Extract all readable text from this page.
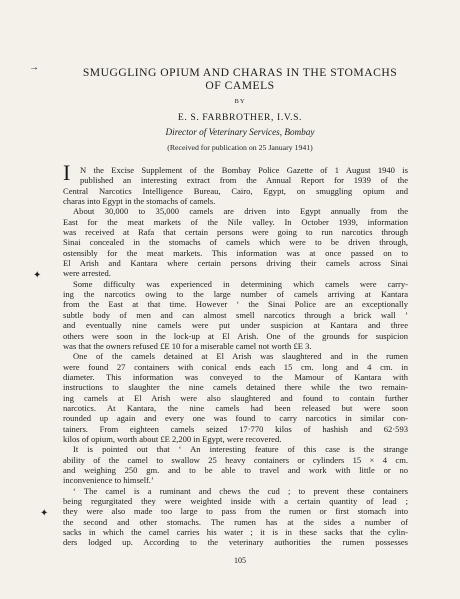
→
✦
✦
SMUGGLING OPIUM AND CHARAS IN THE STOMACHS
OF CAMELS
BY
E. S. FARBROTHER, I.V.S.
Director of Veterinary Services, Bombay
(Received for publication on 25 January 1941)
I N the Excise Supplement of the Bombay Police Gazette of 1 August 1940 is
published an interesting extract from the Annual Report for 1939 of the
Central Narcotics Intelligence Bureau, Cairo, Egypt, on smuggling opium and
charas into Egypt in the stomachs of camels.
About 30,000 to 35,000 camels are driven into Egypt annually from the
East for the meat markets of the Nile valley. In October 1939, information
was received at Rafa that certain persons were going to run narcotics through
Sinai concealed in the stomachs of camels which were to be driven through,
ostensibly for the meat markets. This information was at once passed on to
El Arish and Kantara where certain persons driving their camels across Sinai
were arrested.
Some difficulty was experienced in determining which camels were carry-
ing the narcotics owing to the large number of camels arriving at Kantara
from the East at that time. However ‘ the Sinai Police are an exceptionally
subtle body of men and can almost smell narcotics through a brick wall ’
and eventually nine camels were put under suspicion at Kantara and three
others were soon in the lock-up at El Arish. One of the grounds for suspicion
was that the owners refused £E 10 for a miserable camel not worth £E 3.
One of the camels detained at El Arish was slaughtered and in the rumen
were found 27 containers with conical ends each 15 cm. long and 4 cm. in
diameter. This information was conveyed to the Mamour of Kantara with
instructions to slaughter the nine camels detained there while the two remain-
ing camels at El Arish were also slaughtered and found to contain further
narcotics. At Kantara, the nine camels had been released but were soon
rounded up again and every one was found to carry narcotics in similar con-
tainers. From eighteen camels seized 17·770 kilos of hashish and 62·593
kilos of opium, worth about £E 2,200 in Egypt, were recovered.
It is pointed out that ‘ An interesting feature of this case is the strange
ability of the camel to swallow 25 heavy containers or cylinders 15 × 4 cm.
and weighing 250 gm. and to be able to travel and work with little or no
inconvenience to himself.’
‘ The camel is a ruminant and chews the cud ; to prevent these containers
being regurgitated they were weighted inside with a certain quantity of lead ;
they were also made too large to pass from the rumen or first stomach into
the second and other stomachs. The rumen has at the sides a number of
sacks in which the camel carries his water ; it is in these sacks that the cylin-
ders lodged up. According to the veterinary authorities the rumen possesses
105
